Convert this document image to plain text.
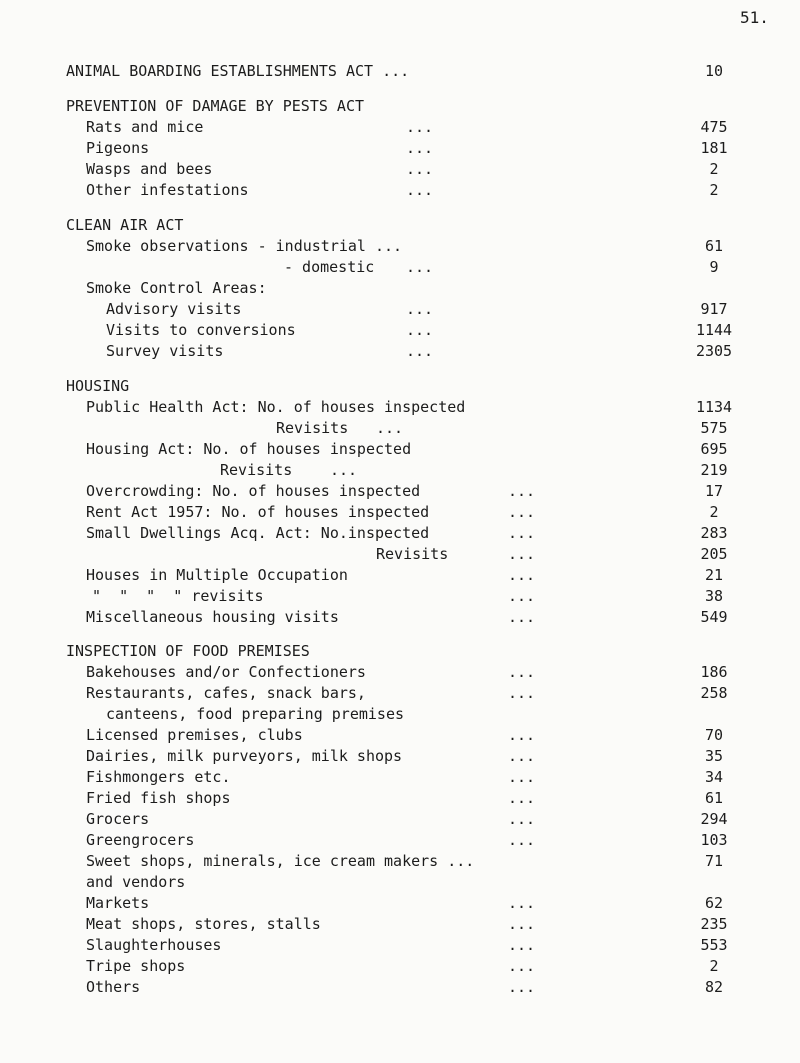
51.
ANIMAL BOARDING ESTABLISHMENTS ACT ...	10
PREVENTION OF DAMAGE BY PESTS ACT
Rats and mice	...	475
Pigeons	...	181
Wasps and bees	...	2
Other infestations	...	2
CLEAN AIR ACT
Smoke observations - industrial ...	61
- domestic ...	9
Smoke Control Areas:
Advisory visits	...	917
Visits to conversions	...	1144
Survey visits	...	2305
HOUSING
Public Health Act: No. of houses inspected	1134
Revisits ...	575
Housing Act: No. of houses inspected	695
Revisits	...	219
Overcrowding: No. of houses inspected	...	17
Rent Act 1957: No. of houses inspected	...	2
Small Dwellings Acq. Act: No.inspected	...	283
Revisits	...	205
Houses in Multiple Occupation	...	21
"  "  "  " revisits	...	38
Miscellaneous housing visits	...	549
INSPECTION OF FOOD PREMISES
Bakehouses and/or Confectioners	...	186
Restaurants, cafes, snack bars,	...	258
canteens, food preparing premises
Licensed premises, clubs	...	70
Dairies, milk purveyors, milk shops	...	35
Fishmongers etc.	...	34
Fried fish shops	...	61
Grocers	...	294
Greengrocers	...	103
Sweet shops, minerals, ice cream makers ...	71
and vendors
Markets	...	62
Meat shops, stores, stalls	...	235
Slaughterhouses	...	553
Tripe shops	...	2
Others	...	82
